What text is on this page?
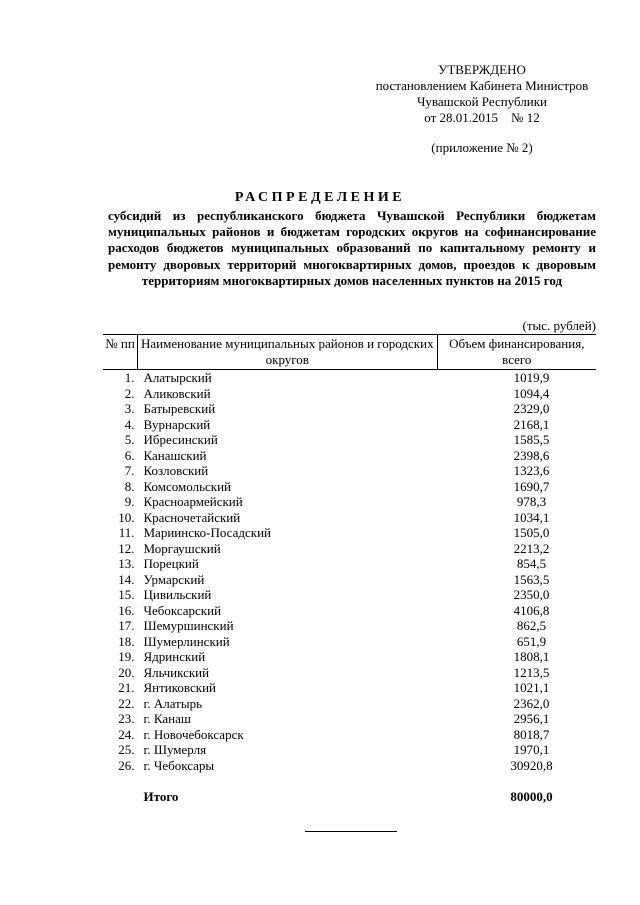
УТВЕРЖДЕНО
постановлением Кабинета Министров
Чувашской Республики
от 28.01.2015    № 12
(приложение № 2)
РАСПРЕДЕЛЕНИЕ

субсидий из республиканского бюджета Чувашской Республики бюджетам муниципальных районов и бюджетам городских округов на софинансирование расходов бюджетов муниципальных образований по капитальному ремонту и ремонту дворовых территорий многоквартирных домов, проездов к дворовым территориям многоквартирных домов населенных пунктов на 2015 год

(тыс. рублей)
№ пп	Наименование муниципальных районов и городских округов	Объем финансирования, всего
1.	Алатырский	1019,9
2.	Аликовский	1094,4
3.	Батыревский	2329,0
4.	Вурнарский	2168,1
5.	Ибресинский	1585,5
6.	Канашский	2398,6
7.	Козловский	1323,6
8.	Комсомольский	1690,7
9.	Красноармейский	978,3
10.	Красночетайский	1034,1
11.	Мариинско-Посадский	1505,0
12.	Моргаушский	2213,2
13.	Порецкий	854,5
14.	Урмарский	1563,5
15.	Цивильский	2350,0
16.	Чебоксарский	4106,8
17.	Шемуршинский	862,5
18.	Шумерлинский	651,9
19.	Ядринский	1808,1
20.	Яльчикский	1213,5
21.	Янтиковский	1021,1
22.	г. Алатырь	2362,0
23.	г. Канаш	2956,1
24.	г. Новочебоксарск	8018,7
25.	г. Шумерля	1970,1
26.	г. Чебоксары	30920,8
	Итого	80000,0
